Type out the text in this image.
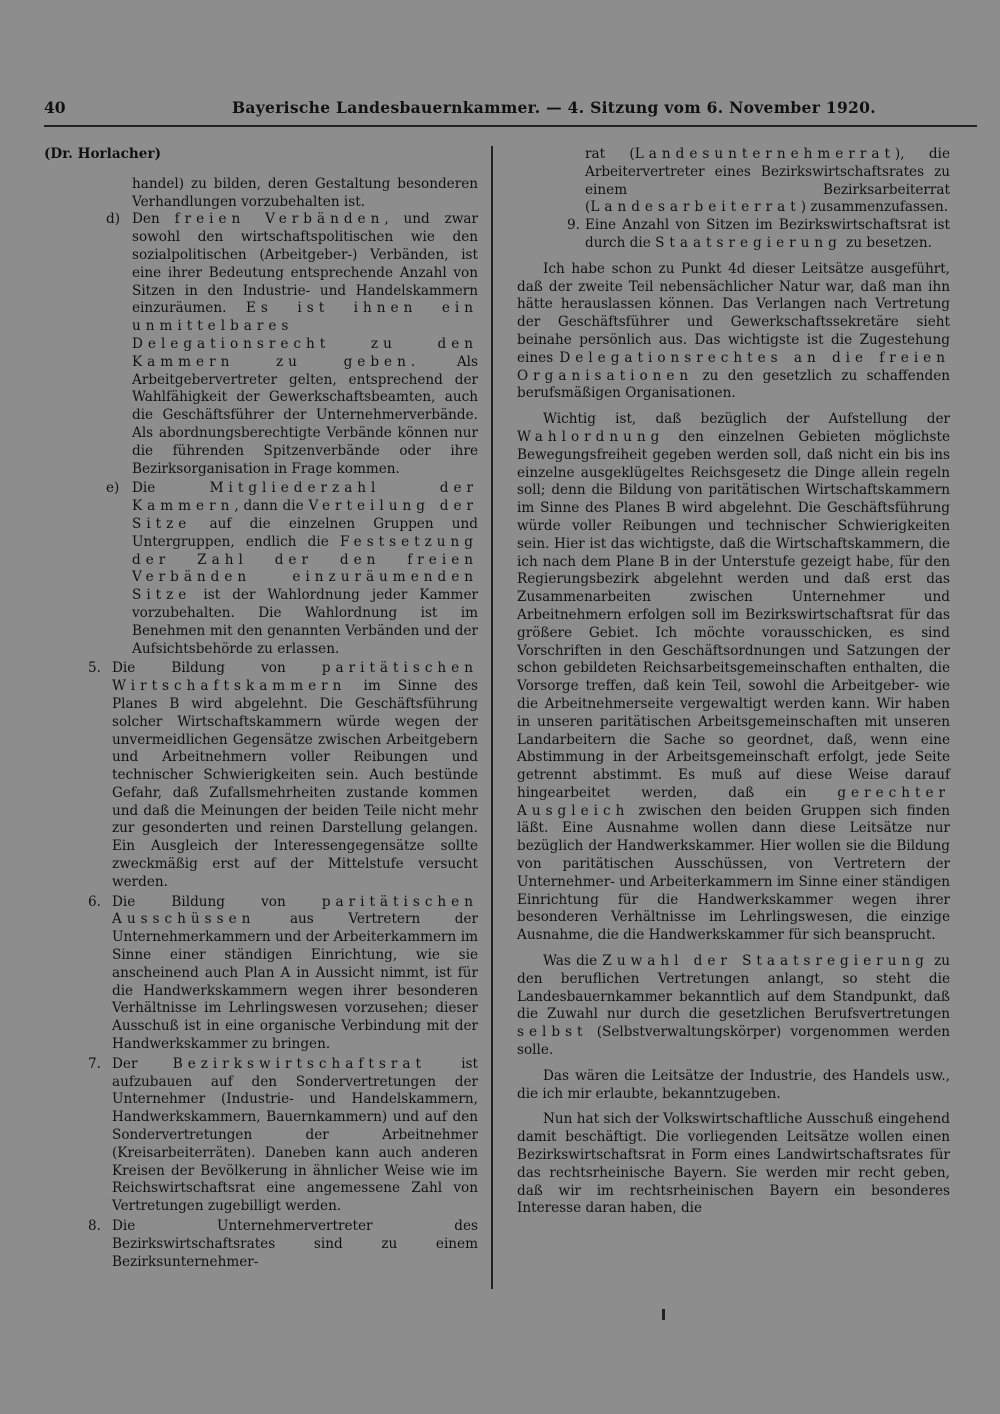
40	Bayerische Landesbauernkammer. — 4. Sitzung vom 6. November 1920.
(Dr. Horlacher)

handel) zu bilden, deren Gestaltung besonderen Verhandlungen vorzubehalten ist.

d) Den freien Verbänden, und zwar sowohl den wirtschaftspolitischen wie den sozialpolitischen (Arbeitgeber-) Verbänden, ist eine ihrer Bedeutung entsprechende Anzahl von Sitzen in den Industrie- und Handelskammern einzuräumen. Es ist ihnen ein unmittelbares Delegationsrecht zu den Kammern zu geben. Als Arbeitgebervertreter gelten, entsprechend der Wahlfähigkeit der Gewerkschaftsbeamten, auch die Geschäftsführer der Unternehmerverbände. Als abordnungsberechtigte Verbände können nur die führenden Spitzenverbände oder ihre Bezirksorganisation in Frage kommen.
e) Die Mitgliederzahl der Kammern, dann die Verteilung der Sitze auf die einzelnen Gruppen und Untergruppen, endlich die Festsetzung der Zahl der den freien Verbänden einzuräumenden Sitze ist der Wahlordnung jeder Kammer vorzubehalten. Die Wahlordnung ist im Benehmen mit den genannten Verbänden und der Aufsichtsbehörde zu erlassen.
5. Die Bildung von paritätischen Wirtschaftskammern im Sinne des Planes B wird abgelehnt. Die Geschäftsführung solcher Wirtschaftskammern würde wegen der unvermeidlichen Gegensätze zwischen Arbeitgebern und Arbeitnehmern voller Reibungen und technischer Schwierigkeiten sein. Auch bestünde Gefahr, daß Zufallsmehrheiten zustande kommen und daß die Meinungen der beiden Teile nicht mehr zur gesonderten und reinen Darstellung gelangen. Ein Ausgleich der Interessengegensätze sollte zweckmäßig erst auf der Mittelstufe versucht werden.
6. Die Bildung von paritätischen Ausschüssen aus Vertretern der Unternehmerkammern und der Arbeiterkammern im Sinne einer ständigen Einrichtung, wie sie anscheinend auch Plan A in Aussicht nimmt, ist für die Handwerkskammern wegen ihrer besonderen Verhältnisse im Lehrlingswesen vorzusehen; dieser Ausschuß ist in eine organische Verbindung mit der Handwerkskammer zu bringen.
7. Der Bezirkswirtschaftsrat ist aufzubauen auf den Sondervertretungen der Unternehmer (Industrie- und Handelskammern, Handwerkskammern, Bauernkammern) und auf den Sondervertretungen der Arbeitnehmer (Kreisarbeiterräten). Daneben kann auch anderen Kreisen der Bevölkerung in ähnlicher Weise wie im Reichswirtschaftsrat eine angemessene Zahl von Vertretungen zugebilligt werden.
8. Die Unternehmervertreter des Bezirkswirtschaftsrates sind zu einem Bezirksunternehmer-

rat (Landesunternehmerrat), die Arbeitervertreter eines Bezirkswirtschaftsrates zu einem Bezirksarbeiterrat (Landesarbeiterrat) zusammenzufassen.

9. Eine Anzahl von Sitzen im Bezirkswirtschaftsrat ist durch die Staatsregierung zu besetzen.

Ich habe schon zu Punkt 4d dieser Leitsätze ausgeführt, daß der zweite Teil nebensächlicher Natur war, daß man ihn hätte herauslassen können. Das Verlangen nach Vertretung der Geschäftsführer und Gewerkschaftssekretäre sieht beinahe persönlich aus. Das wichtigste ist die Zugestehung eines Delegationsrechtes an die freien Organisationen zu den gesetzlich zu schaffenden berufsmäßigen Organisationen.

Wichtig ist, daß bezüglich der Aufstellung der Wahlordnung den einzelnen Gebieten möglichste Bewegungsfreiheit gegeben werden soll, daß nicht ein bis ins einzelne ausgeklügeltes Reichsgesetz die Dinge allein regeln soll; denn die Bildung von paritätischen Wirtschaftskammern im Sinne des Planes B wird abgelehnt. Die Geschäftsführung würde voller Reibungen und technischer Schwierigkeiten sein. Hier ist das wichtigste, daß die Wirtschaftskammern, die ich nach dem Plane B in der Unterstufe gezeigt habe, für den Regierungsbezirk abgelehnt werden und daß erst das Zusammenarbeiten zwischen Unternehmer und Arbeitnehmern erfolgen soll im Bezirkswirtschaftsrat für das größere Gebiet. Ich möchte vorausschicken, es sind Vorschriften in den Geschäftsordnungen und Satzungen der schon gebildeten Reichsarbeitsgemeinschaften enthalten, die Vorsorge treffen, daß kein Teil, sowohl die Arbeitgeber- wie die Arbeitnehmerseite vergewaltigt werden kann. Wir haben in unseren paritätischen Arbeitsgemeinschaften mit unseren Landarbeitern die Sache so geordnet, daß, wenn eine Abstimmung in der Arbeitsgemeinschaft erfolgt, jede Seite getrennt abstimmt. Es muß auf diese Weise darauf hingearbeitet werden, daß ein gerechter Ausgleich zwischen den beiden Gruppen sich finden läßt. Eine Ausnahme wollen dann diese Leitsätze nur bezüglich der Handwerkskammer. Hier wollen sie die Bildung von paritätischen Ausschüssen, von Vertretern der Unternehmer- und Arbeiterkammern im Sinne einer ständigen Einrichtung für die Handwerkskammer wegen ihrer besonderen Verhältnisse im Lehrlingswesen, die einzige Ausnahme, die die Handwerkskammer für sich beansprucht.

Was die Zuwahl der Staatsregierung zu den beruflichen Vertretungen anlangt, so steht die Landesbauernkammer bekanntlich auf dem Standpunkt, daß die Zuwahl nur durch die gesetzlichen Berufsvertretungen selbst (Selbstverwaltungskörper) vorgenommen werden solle.

Das wären die Leitsätze der Industrie, des Handels usw., die ich mir erlaubte, bekanntzugeben.

Nun hat sich der Volkswirtschaftliche Ausschuß eingehend damit beschäftigt. Die vorliegenden Leitsätze wollen einen Bezirkswirtschaftsrat in Form eines Landwirtschaftsrates für das rechtsrheinische Bayern. Sie werden mir recht geben, daß wir im rechtsrheinischen Bayern ein besonderes Interesse daran haben, die
